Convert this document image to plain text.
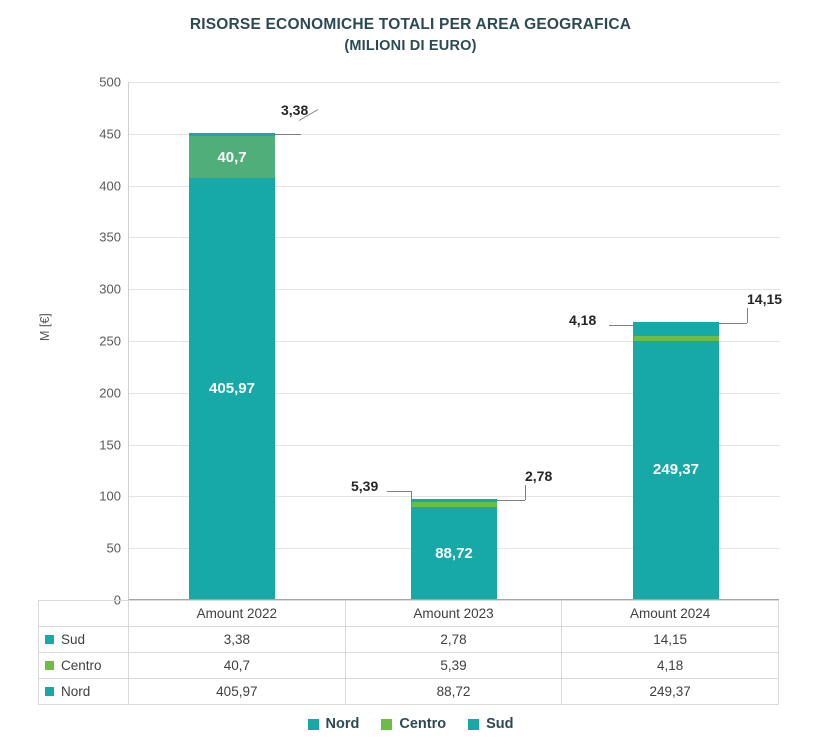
RISORSE ECONOMICHE TOTALI PER AREA GEOGRAFICA
(MILIONI DI EURO)
M [€]
500
450
400
350
300
250
200
150
100
50
0
405,97
40,7
3,38
88,72
5,39
2,78	249,37
4,18
14,15
	Amount 2022	Amount 2023	Amount 2024
Sud	3,38	2,78	14,15
Centro	40,7	5,39	4,18
Nord	405,97	88,72	249,37
Nord	Centro	Sud
